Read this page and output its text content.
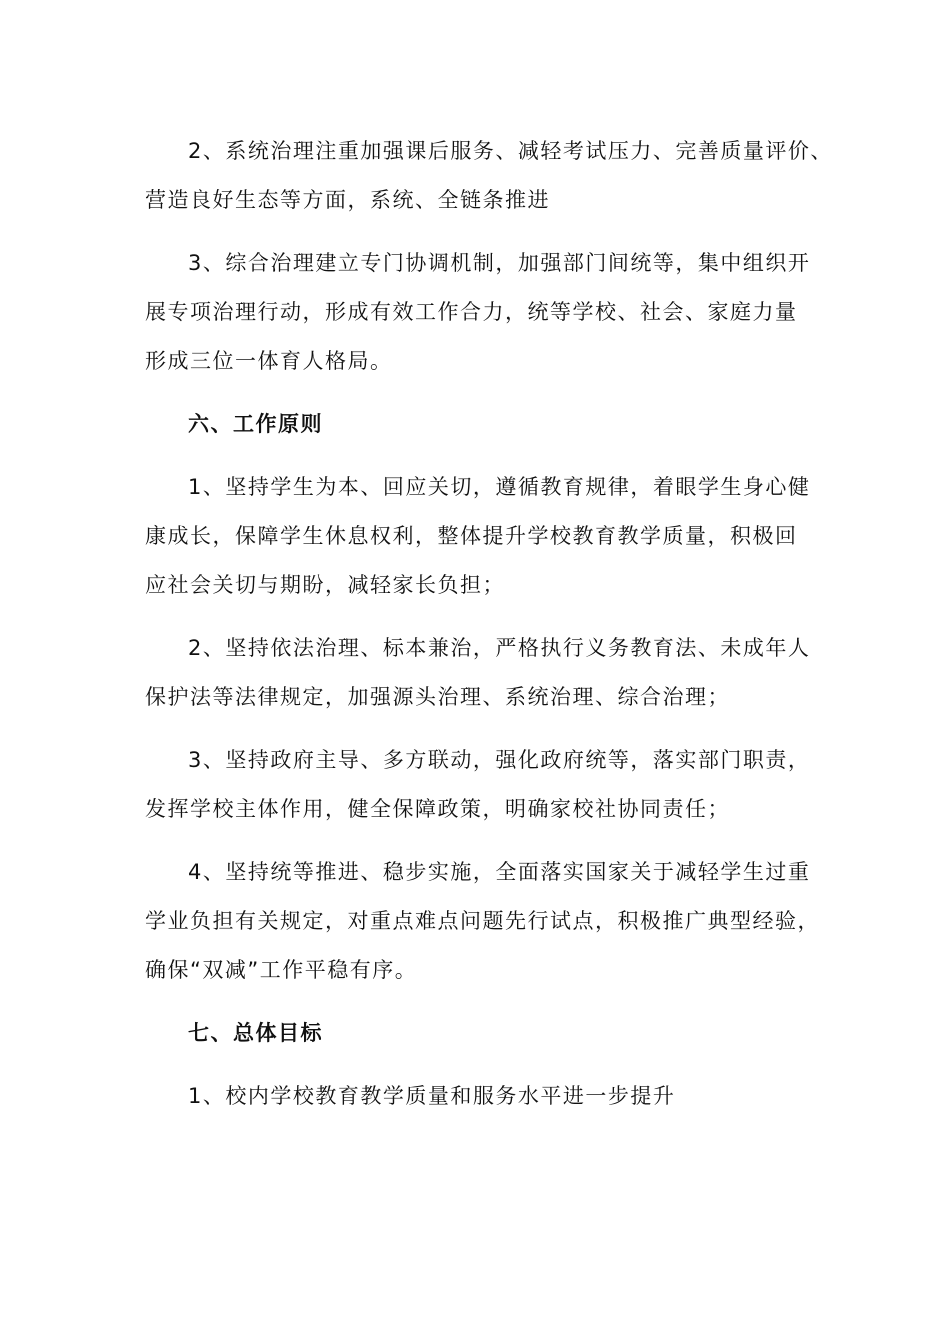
2、系统治理注重加强课后服务、减轻考试压力、完善质量评价、
营造良好生态等方面，系统、全链条推进
3、综合治理建立专门协调机制，加强部门间统等，集中组织开
展专项治理行动，形成有效工作合力，统等学校、社会、家庭力量
形成三位一体育人格局。
六、工作原则
1、坚持学生为本、回应关切，遵循教育规律，着眼学生身心健
康成长，保障学生休息权利，整体提升学校教育教学质量，积极回
应社会关切与期盼，减轻家长负担；
2、坚持依法治理、标本兼治，严格执行义务教育法、未成年人
保护法等法律规定，加强源头治理、系统治理、综合治理；
3、坚持政府主导、多方联动，强化政府统等，落实部门职责，
发挥学校主体作用，健全保障政策，明确家校社协同责任；
4、坚持统等推进、稳步实施，全面落实国家关于减轻学生过重
学业负担有关规定，对重点难点问题先行试点，积极推广典型经验，
确保“双减”工作平稳有序。
七、总体目标
1、校内学校教育教学质量和服务水平进一步提升
